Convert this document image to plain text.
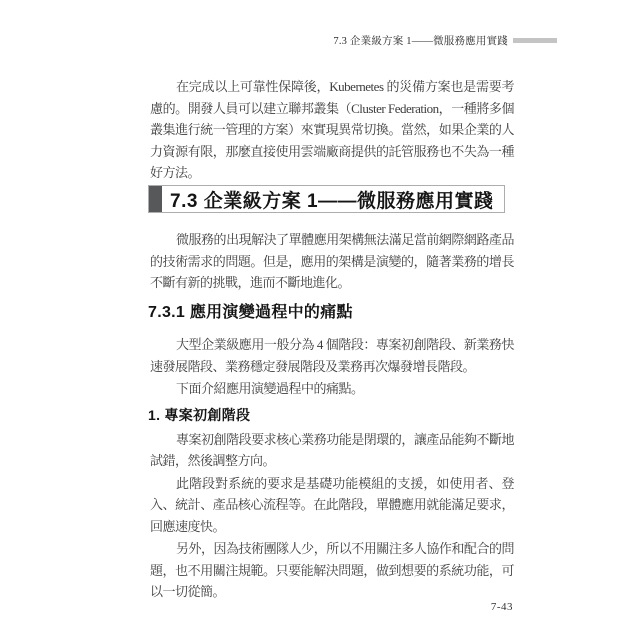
7.3 企業級方案 1——微服務應用實踐

在完成以上可靠性保障後，Kubernetes 的災備方案也是需要考慮的。開發人員可以建立聯邦叢集（Cluster Federation，一種將多個叢集進行統一管理的方案）來實現異常切換。當然，如果企業的人力資源有限，那麼直接使用雲端廠商提供的託管服務也不失為一種好方法。

7.3 企業級方案 1——微服務應用實踐

微服務的出現解決了單體應用架構無法滿足當前網際網路產品的技術需求的問題。但是，應用的架構是演變的，隨著業務的增長不斷有新的挑戰，進而不斷地進化。

7.3.1 應用演變過程中的痛點

大型企業級應用一般分為 4 個階段：專案初創階段、新業務快速發展階段、業務穩定發展階段及業務再次爆發增長階段。

下面介紹應用演變過程中的痛點。

1. 專案初創階段

專案初創階段要求核心業務功能是閉環的，讓產品能夠不斷地試錯，然後調整方向。

此階段對系統的要求是基礎功能模組的支援，如使用者、登入、統計、產品核心流程等。在此階段，單體應用就能滿足要求，回應速度快。

另外，因為技術團隊人少，所以不用關注多人協作和配合的問題，也不用關注規範。只要能解決問題，做到想要的系統功能，可以一切從簡。

7-43
